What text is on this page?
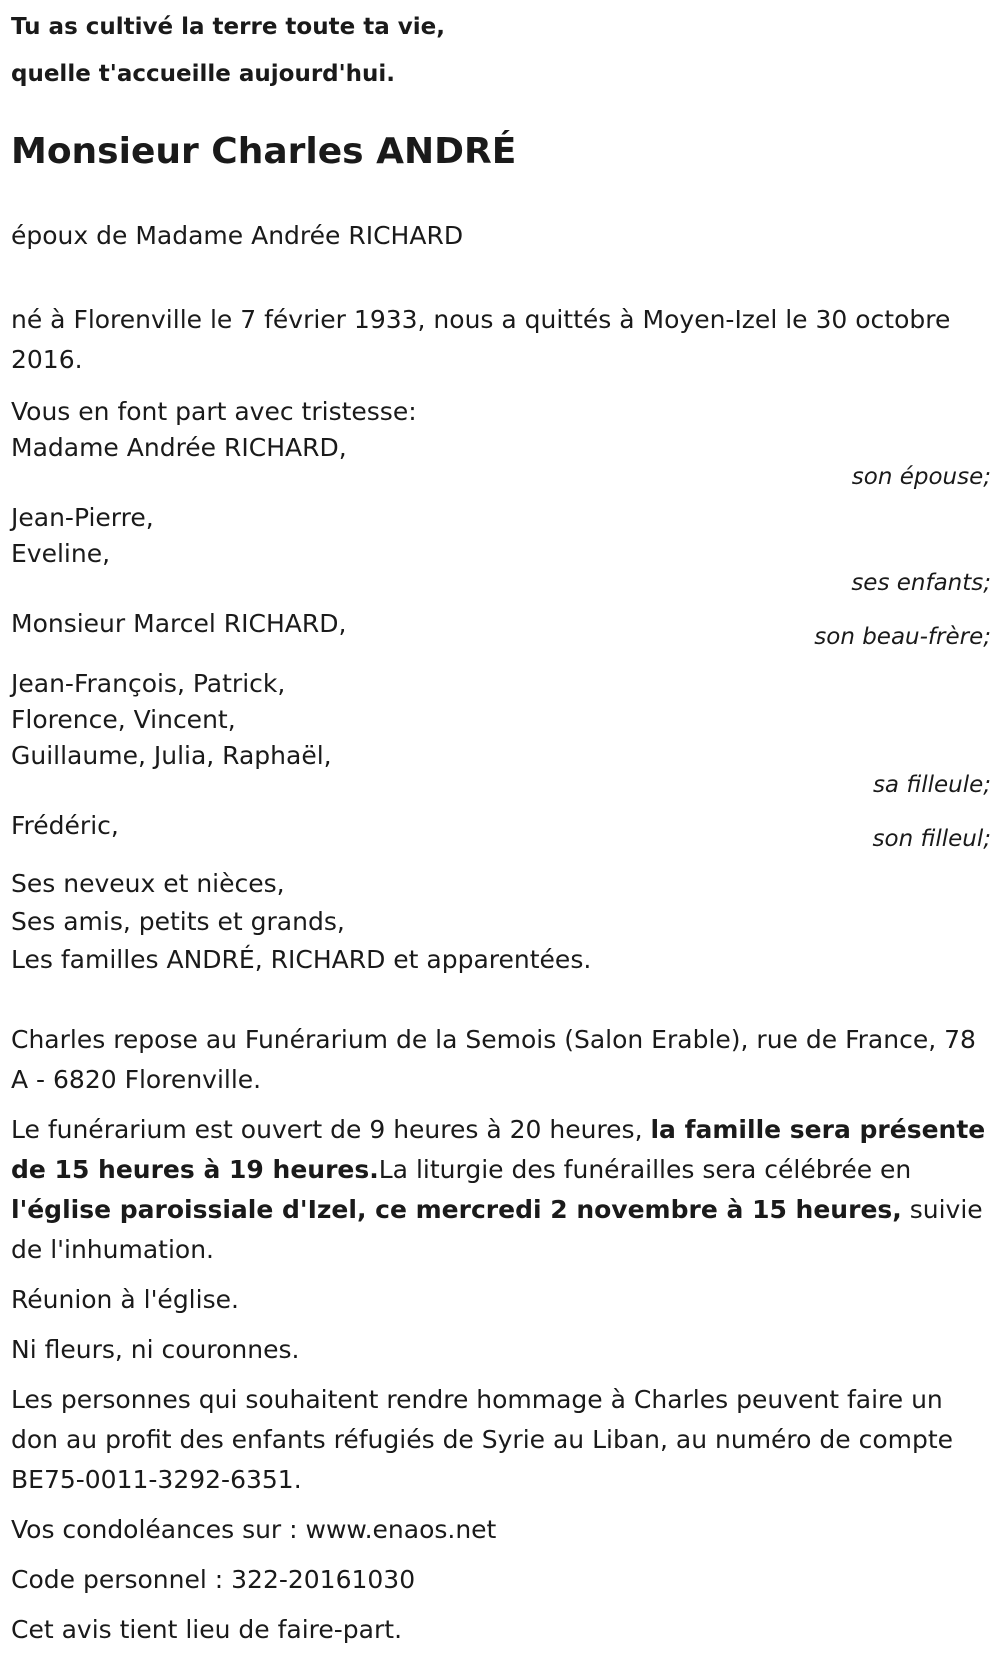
Tu as cultivé la terre toute ta vie,
quelle t'accueille aujourd'hui.
Monsieur Charles ANDRÉ

époux de Madame Andrée RICHARD

né à Florenville le 7 février 1933, nous a quittés à Moyen-Izel le 30 octobre 2016.

Vous en font part avec tristesse:

Madame Andrée RICHARD,

son épouse;

Jean-Pierre,

Eveline,

ses enfants;

Monsieur Marcel RICHARD,	son beau-frère;

Jean-François, Patrick,

Florence, Vincent,

Guillaume, Julia, Raphaël,

sa filleule;

Frédéric,	son filleul;

Ses neveux et nièces,

Ses amis, petits et grands,

Les familles ANDRÉ, RICHARD et apparentées.

Charles repose au Funérarium de la Semois (Salon Erable), rue de France, 78 A - 6820 Florenville.

Le funérarium est ouvert de 9 heures à 20 heures, la famille sera présente de 15 heures à 19 heures.La liturgie des funérailles sera célébrée en l'église paroissiale d'Izel, ce mercredi 2 novembre à 15 heures, suivie de l'inhumation.

Réunion à l'église.

Ni fleurs, ni couronnes.

Les personnes qui souhaitent rendre hommage à Charles peuvent faire un don au profit des enfants réfugiés de Syrie au Liban, au numéro de compte BE75-0011-3292-6351.

Vos condoléances sur : www.enaos.net

Code personnel : 322-20161030

Cet avis tient lieu de faire-part.
